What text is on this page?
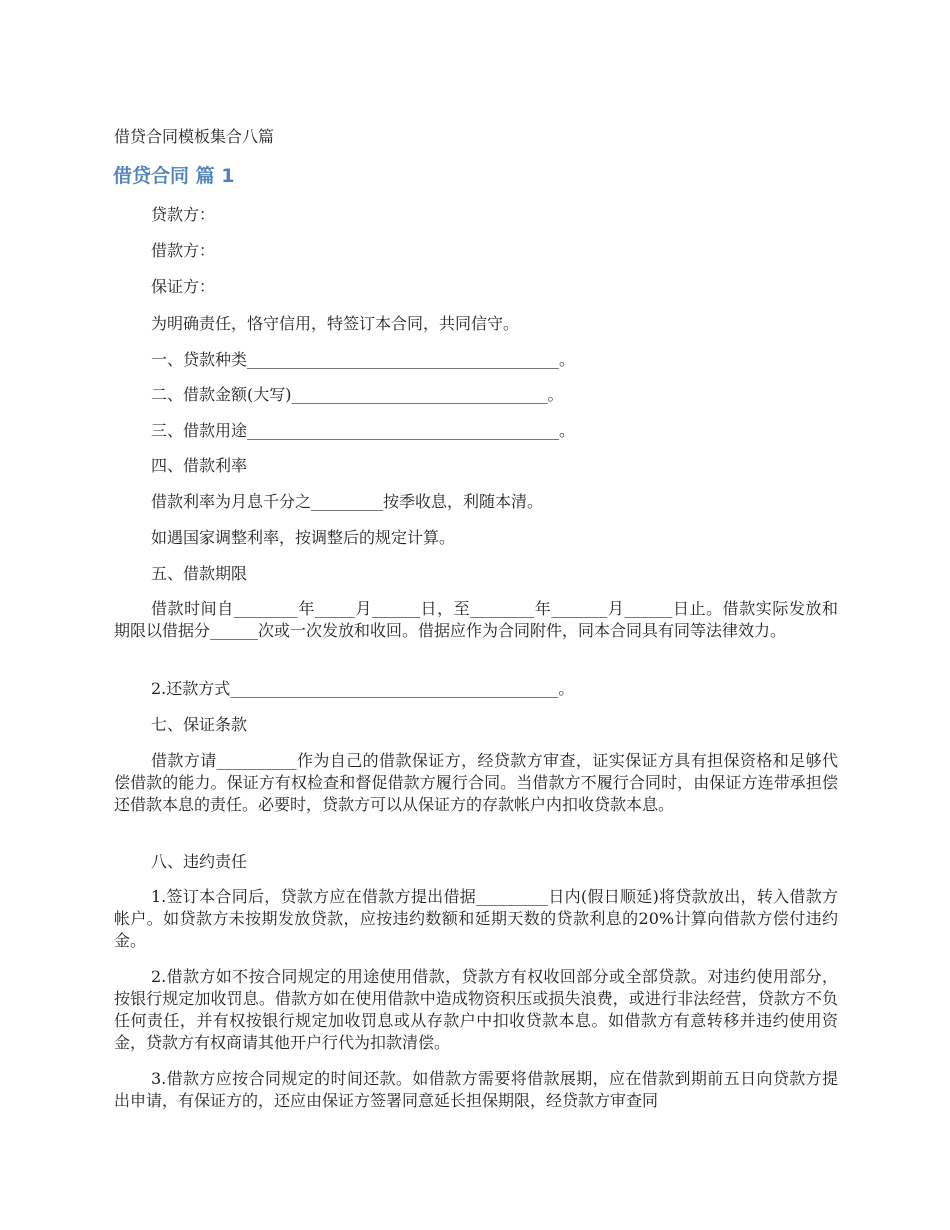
借贷合同模板集合八篇
借贷合同 篇 1

贷款方：

借款方：

保证方：

为明确责任，恪守信用，特签订本合同，共同信守。

一、贷款种类_______________________________________。

二、借款金额(大写)________________________________。

三、借款用途_______________________________________。

四、借款利率

借款利率为月息千分之_________按季收息，利随本清。

如遇国家调整利率，按调整后的规定计算。

五、借款期限

借款时间自________年_____月______日，至________年_______月______日止。借款实际发放和期限以借据分______次或一次发放和收回。借据应作为合同附件，同本合同具有同等法律效力。

2.还款方式_________________________________________。

七、保证条款

借款方请__________作为自己的借款保证方，经贷款方审查，证实保证方具有担保资格和足够代偿借款的能力。保证方有权检查和督促借款方履行合同。当借款方不履行合同时，由保证方连带承担偿还借款本息的责任。必要时，贷款方可以从保证方的存款帐户内扣收贷款本息。

八、违约责任

1.签订本合同后，贷款方应在借款方提出借据_________日内(假日顺延)将贷款放出，转入借款方帐户。如贷款方未按期发放贷款，应按违约数额和延期天数的贷款利息的20%计算向借款方偿付违约金。

2.借款方如不按合同规定的用途使用借款，贷款方有权收回部分或全部贷款。对违约使用部分，按银行规定加收罚息。借款方如在使用借款中造成物资积压或损失浪费，或进行非法经营，贷款方不负任何责任，并有权按银行规定加收罚息或从存款户中扣收贷款本息。如借款方有意转移并违约使用资金，贷款方有权商请其他开户行代为扣款清偿。

3.借款方应按合同规定的时间还款。如借款方需要将借款展期，应在借款到期前五日向贷款方提出申请，有保证方的，还应由保证方签署同意延长担保期限，经贷款方审查同
